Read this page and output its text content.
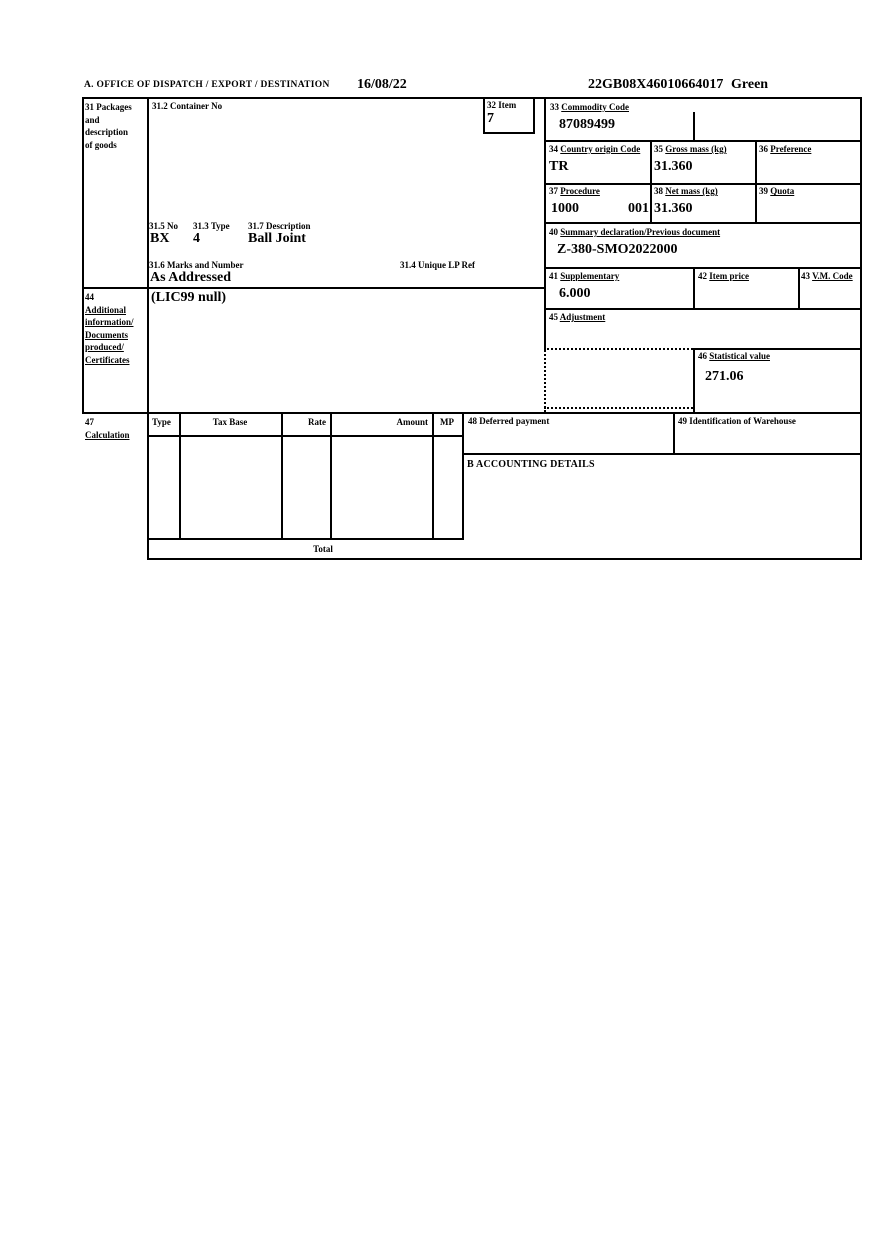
A. OFFICE OF DISPATCH / EXPORT / DESTINATION 16/08/22	22GB08X46010664017 Green
31 Packages
and
description
of goods
31.2 Container No	32 Item
7
31.5 No 31.3 Type 31.7 Description
BX 4	Ball Joint
31.6 Marks and Number	31.4 Unique LP Ref
As Addressed
33 Commodity Code
87089499
34 Country origin Code
TR
35 Gross mass (kg)
31.360
36 Preference
37 Procedure
1000	001
38 Net mass (kg)
31.360
39 Quota
40 Summary declaration/Previous document
Z-380-SMO2022000
41 Supplementary
6.000
42 Item price	43 V.M. Code
45 Adjustment
46 Statistical value
271.06
44
Additional
information/
Documents
produced/
Certificates
(LIC99 null)
47
Calculation
Type	Tax Base	Rate	Amount	MP
Total
48 Deferred payment	49 Identification of Warehouse
B ACCOUNTING DETAILS
